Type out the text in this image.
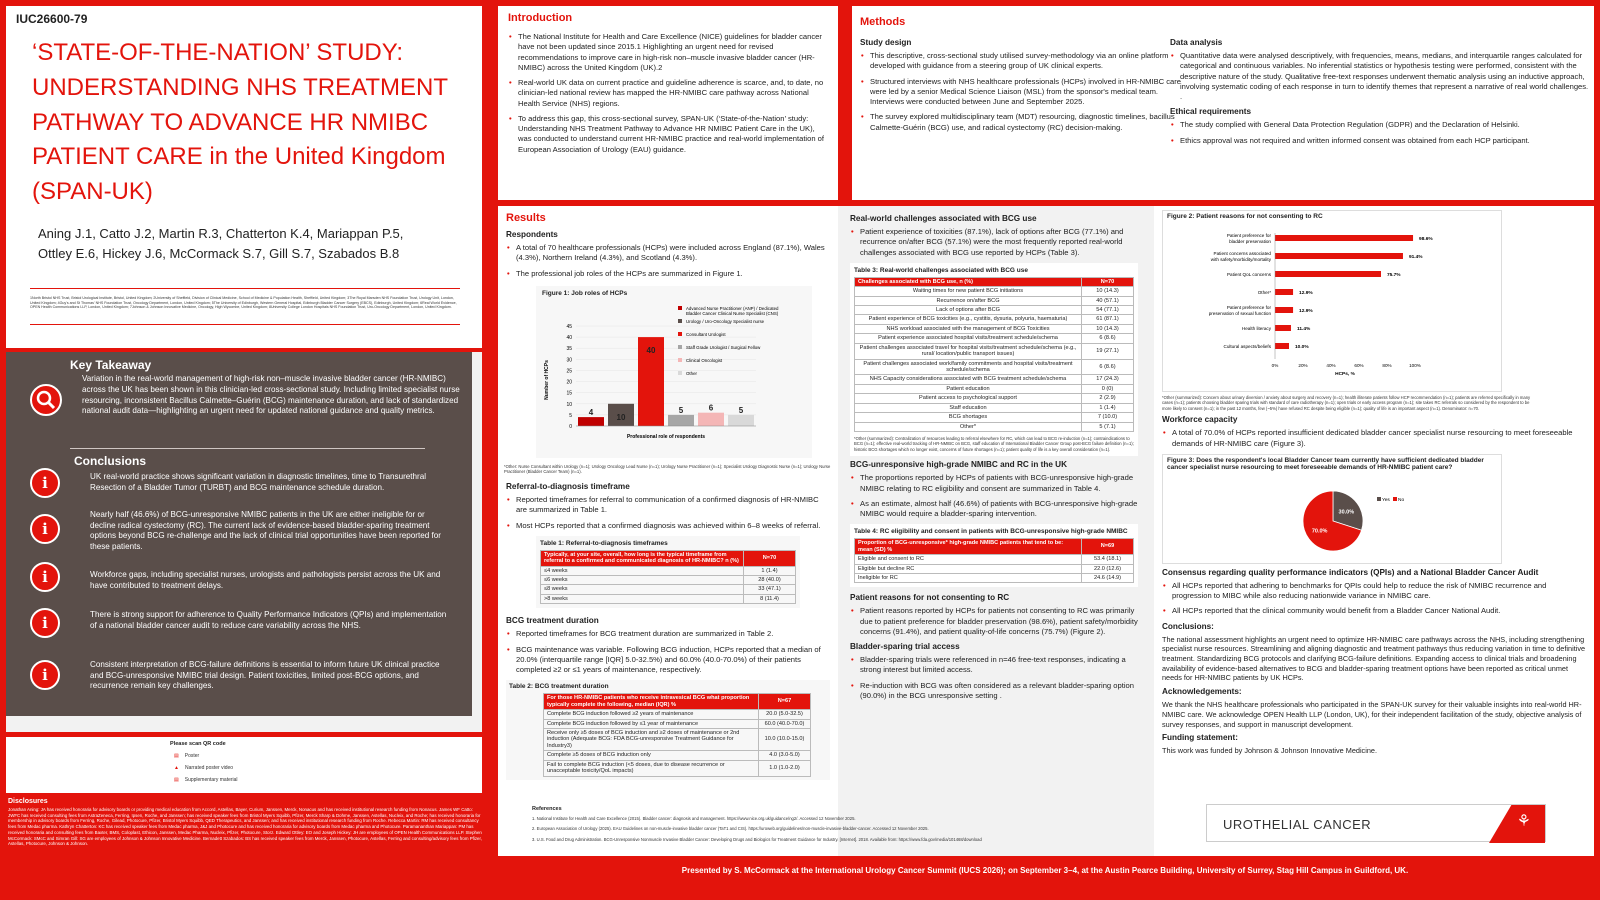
IUC26600-79
‘STATE-OF-THE-NATION’ STUDY: UNDERSTANDING NHS TREATMENT PATHWAY TO ADVANCE HR NMIBC PATIENT CARE in the United Kingdom (SPAN-UK)
Aning J.1, Catto J.2, Martin R.3, Chatterton K.4, Mariappan P.5,
Ottley E.6, Hickey J.6, McCormack S.7, Gill S.7, Szabados B.8
1North Bristol NHS Trust, Bristol Urological Institute, Bristol, United Kingdom; 2University of Sheffield, Division of Clinical Medicine, School of Medicine & Population Health, Sheffield, United Kingdom; 3The Royal Marsden NHS Foundation Trust, Urology Unit, London, United Kingdom; 4Guy's and St Thomas' NHS Foundation Trust, Oncology Department, London, United Kingdom; 5The University of Edinburgh, Western General Hospital, Edinburgh Bladder Cancer Surgery (EBCS), Edinburgh, United Kingdom; 6Real World Evidence, OPEN Health Communications LLP, London, United Kingdom; 7Johnson & Johnson Innovative Medicine, Oncology, High Wycombe, United Kingdom; 8University College London Hospitals NHS Foundation Trust, Uro-Oncology Department, London, United Kingdom.
Key Takeaway
Variation in the real-world management of high-risk non–muscle invasive bladder cancer (HR-NMIBC) across the UK has been shown in this clinician-led cross-sectional study. Including limited specialist nurse resourcing, inconsistent Bacillus Calmette–Guérin (BCG) maintenance duration, and lack of standardized national audit data—highlighting an urgent need for updated national guidance and quality metrics.
Conclusions
i	UK real-world practice shows significant variation in diagnostic timelines, time to Transurethral Resection of a Bladder Tumor (TURBT) and BCG maintenance schedule duration.
i
Nearly half (46.6%) of BCG-unresponsive NMIBC patients in the UK are either ineligible for or decline radical cystectomy (RC). The current lack of evidence-based bladder-sparing treatment options beyond BCG re-challenge and the lack of clinical trial opportunities have been reported for these patients.
i	Workforce gaps, including specialist nurses, urologists and pathologists persist across the UK and have contributed to treatment delays.
i	There is strong support for adherence to Quality Performance Indicators (QPIs) and implementation of a national bladder cancer audit to reduce care variability across the NHS.
i
Consistent interpretation of BCG-failure definitions is essential to inform future UK clinical practice and BCG-unresponsive NMIBC trial design. Patient toxicities, limited post-BCG options, and recurrence remain key challenges.
Please scan QR code
▤ Poster
▲ Narrated poster video
▤ Supplementary material
Disclosures
Jonathan Aning: JA has received honoraria for advisory boards or providing medical education from Accord, Astellas, Bayer, Curium, Janssen, Merck, Nonacus and has received institutional research funding from Nonacus. James WF Catto: JWFC has received consulting fees from AstraZeneca, Ferring, Ipsen, Roche, and Janssen; has received speaker fees from Bristol Myers Squibb, Pfizer, Merck Sharp & Dohme, Janssen, Astellas, Nucleix, and Roche; has received honoraria for membership in advisory boards from Ferring, Roche, Gilead, Photocure, Pfizer, Bristol Myers Squibb, QED Therapeutics, and Janssen; and has received institutional research funding from Roche. Rebecca Martin: RM has received consultancy fees from Medac pharma. Kathryn Chatterton: KC has received speaker fees from Medac pharma, J&J and Photocure and has received honoraria for advisory boards from Medac pharma and Photocure. Paramananthan Mariappan: PM has received honoraria and consulting fees from Baxter, BMS, Coloplast, Ethicon, Janssen, Medac Pharma, Nucleix, Pfizer, Photocure, Storz. Edward Ottley: EO and Joseph Hickey: JH are employees of OPEN Health Communications LLP. Stephen McCormack: SMcC and Simran Gill: SG are employees of Johnson & Johnson Innovative Medicine. Bernadett Szabados: BS has received speaker fees from Merck, Janssen, Photocure, Astellas, Ferring and consulting/advisory fees from Pfizer, Astellas, Photocure, Johnson & Johnson.
Introduction
• The National Institute for Health and Care Excellence (NICE) guidelines for bladder cancer have not been updated since 2015.1 Highlighting an urgent need for revised recommendations to improve care in high-risk non–muscle invasive bladder cancer (HR-NMIBC) across the United Kingdom (UK).2
• Real-world UK data on current practice and guideline adherence is scarce, and, to date, no clinician-led national review has mapped the HR-NMIBC care pathway across National Health Service (NHS) regions.
• To address this gap, this cross-sectional survey, SPAN-UK (‘State-of-the-Nation’ study: Understanding NHS Treatment Pathway to Advance HR NMIBC Patient Care in the UK), was conducted to understand current HR-NMIBC practice and real-world implementation of European Association of Urology (EAU) guidance.
Methods
Study design
• This descriptive, cross-sectional study utilised survey-methodology via an online platform developed with guidance from a steering group of UK clinical experts.
• Structured interviews with NHS healthcare professionals (HCPs) involved in HR-NMIBC care were led by a senior Medical Science Liaison (MSL) from the sponsor's medical team. Interviews were conducted between June and September 2025.
• The survey explored multidisciplinary team (MDT) resourcing, diagnostic timelines, bacillus Calmette-Guérin (BCG) use, and radical cystectomy (RC) decision-making.
Data analysis
• Quantitative data were analysed descriptively, with frequencies, means, medians, and interquartile ranges calculated for categorical and continuous variables. No inferential statistics or hypothesis testing were performed, consistent with the descriptive nature of the study. Qualitative free-text responses underwent thematic analysis using an inductive approach, involving systematic coding of each response in turn to identify themes that represent a narrative of real world challenges. .
Ethical requirements
• The study complied with General Data Protection Regulation (GDPR) and the Declaration of Helsinki.
• Ethics approval was not required and written informed consent was obtained from each HCP participant.
Results
Respondents
• A total of 70 healthcare professionals (HCPs) were included across England (87.1%), Wales (4.3%), Northern Ireland (4.3%), and Scotland (4.3%).
• The professional job roles of the HCPs are summarized in Figure 1.
Figure 1: Job roles of HCPs
Number of HCPs
0
5
10
15
20
25
30
35
40
45
4
10
40
5	6	5
Professional role of respondents
Advanced Nurse Practitioner (ANP) / Dedicated
Bladder Cancer Clinical Nurse Specialist (CNS)
Urology / Uro-Oncology Specialist nurse
Consultant Urologist
Staff Grade Urologist / Surgical Fellow
Clinical Oncologist
Other
*Other: Nurse Consultant within Urology (n=1); Urology Oncology Lead Nurse (n=1); Urology Nurse Practitioner (n=1); Specialist Urology Diagnostic Nurse (n=1); Urology Nurse Practitioner (Bladder Cancer Team) (n=1).
Referral-to-diagnosis timeframe
• Reported timeframes for referral to communication of a confirmed diagnosis of HR-NMIBC are summarized in Table 1.
• Most HCPs reported that a confirmed diagnosis was achieved within 6–8 weeks of referral.
Table 1: Referral-to-diagnosis timeframes
Typically, at your site, overall, how long is the typical timeframe from referral to a confirmed and communicated diagnosis of HR-NMIBC? n (%)	N=70
≤4 weeks	1 (1.4)
≤6 weeks	28 (40.0)
≤8 weeks	33 (47.1)
>8 weeks	8 (11.4)
BCG treatment duration
• Reported timeframes for BCG treatment duration are summarized in Table 2.
• BCG maintenance was variable. Following BCG induction, HCPs reported that a median of 20.0% (interquartile range [IQR] 5.0-32.5%) and 60.0% (40.0-70.0%) of their patients completed ≥2 or ≤1 years of maintenance, respectively.
Table 2: BCG treatment duration
For those HR-NMIBC patients who receive intravesical BCG what proportion typically complete the following, median (IQR) %	N=67
Complete BCG induction followed ≥2 years of maintenance	20.0 (5.0-32.5)
Complete BCG induction followed by ≤1 year of maintenance	60.0 (40.0-70.0)
Receive only ≥5 doses of BCG induction and ≥2 doses of maintenance or 2nd induction (Adequate BCG: FDA BCG-unresponsive Treatment Guidance for Industry3)	10.0 (10.0-15.0)
Complete ≥5 doses of BCG induction only	4.0 (3.0-5.0)
Fail to complete BCG induction (<5 doses, due to disease recurrence or unacceptable toxicity/QoL impacts)	1.0 (1.0-2.0)
References
1. National Institute for Health and Care Excellence (2015). Bladder cancer: diagnosis and management. https://www.nice.org.uk/guidance/ng2/. Accessed 12 November 2025.
2. European Association of Urology (2025). EAU Guidelines on non-muscle-invasive bladder cancer (TaT1 and CIS). https://uroweb.org/guidelines/non-muscle-invasive-bladder-cancer. Accessed 12 November 2025.
3. U.S. Food and Drug Administration. BCG-Unresponsive Nonmuscle Invasive Bladder Cancer: Developing Drugs and Biologics for Treatment Guidance for Industry. [Internet]. 2018. Available from: https://www.fda.gov/media/101468/download
Real-world challenges associated with BCG use
• Patient experience of toxicities (87.1%), lack of options after BCG (77.1%) and recurrence on/after BCG (57.1%) were the most frequently reported real-world challenges associated with BCG use reported by HCPs (Table 3).
Table 3: Real-world challenges associated with BCG use
Challenges associated with BCG use, n (%)	N=70
Waiting times for new patient BCG initiations	10 (14.3)
Recurrence on/after BCG	40 (57.1)
Lack of options after BCG	54 (77.1)
Patient experience of BCG toxicities (e.g., cystitis, dysuria, polyuria, haematuria)	61 (87.1)
NHS workload associated with the management of BCG Toxicities	10 (14.3)
Patient experience associated hospital visits/treatment schedule/schema	6 (8.6)
Patient challenges associated travel for hospital visits/treatment schedule/schema (e.g., rural/ location/public transport issues)	19 (27.1)
Patient challenges associated work/family commitments and hospital visits/treatment schedule/schema	6 (8.6)
NHS Capacity considerations associated with BCG treatment schedule/schema	17 (24.3)
Patient education	0 (0)
Patient access to psychological support	2 (2.9)
Staff education	1 (1.4)
BCG shortages	7 (10.0)
Other*	5 (7.1)
*Other (summarized): Centralization of resources leading to referral elsewhere for RC, which can lead to BCG re-induction (n=1); contraindications to BCG (n=1); effective real-world tracking of HR-NMIBC on BCG, staff education of International Bladder Cancer Group post-BCG failure definition (n=1); historic BCG shortages which no longer exist, concerns of future shortages (n=1); patient quality of life is a key overall consideration (n=1).
BCG-unresponsive high-grade NMIBC and RC in the UK
• The proportions reported by HCPs of patients with BCG-unresponsive high-grade NMIBC relating to RC eligibility and consent are summarized in Table 4.
• As an estimate, almost half (46.6%) of patients with BCG-unresponsive high-grade NMIBC would require a bladder-sparing intervention.
Table 4: RC eligibility and consent in patients with BCG-unresponsive high-grade NMIBC
Proportion of BCG-unresponsive* high-grade NMIBC patients that tend to be: mean (SD) %	N=69
Eligible and consent to RC	53.4 (18.1)
Eligible but decline RC	22.0 (12.6)
Ineligible for RC	24.6 (14.9)
Patient reasons for not consenting to RC
• Patient reasons reported by HCPs for patients not consenting to RC was primarily due to patient preference for bladder preservation (98.6%), patient safety/morbidity concerns (91.4%), and patient quality-of-life concerns (75.7%) (Figure 2).
Bladder-sparing trial access
• Bladder-sparing trials were referenced in n=46 free-text responses, indicating a strong interest but limited access.
• Re-induction with BCG was often considered as a relevant bladder-sparing option (90.0%) in the BCG unresponsive setting .
Figure 2: Patient reasons for not consenting to RC
Patient preference for
bladder preservation	98.6%
Patient concerns associated
with safety/morbidity/mortality	91.4%
Patient QoL concerns	75.7%
Other*	12.9%
Patient preference for
preservation of sexual function	12.9%
Health literacy	11.4%
Cultural aspects/beliefs	10.0%
0%	20%	40%	60%	80%	100%
HCPs, %
*Other (summarized): Concern about urinary diversion / anxiety about surgery and recovery (n=1); health illiterate patients follow HCP recommendation (n=1); patients are referred specifically in many cases (n=1); patients choosing bladder sparing trials with standard of care radiotherapy (n=1); open trials or early access program (n=1); site takes RC referrals so considered by the respondent to be more likely to consent (n=1); in the past 12 months, few (~5%) have refused RC despite being eligible (n=1); quality of life is an important aspect (n=1). Denominator: n=70.
Workforce capacity
• A total of 70.0% of HCPs reported insufficient dedicated bladder cancer specialist nurse resourcing to meet foreseeable demands of HR-NMIBC care (Figure 3).
Figure 3: Does the respondent's local Bladder Cancer team currently have sufficient dedicated bladder cancer specialist nurse resourcing to meet foreseeable demands of HR-NMIBC patient care?
30.0%
70.0%
Yes No
Consensus regarding quality performance indicators (QPIs) and a National Bladder Cancer Audit
• All HCPs reported that adhering to benchmarks for QPIs could help to reduce the risk of NMIBC recurrence and progression to MIBC while also reducing nationwide variance in NMIBC care.
• All HCPs reported that the clinical community would benefit from a Bladder Cancer National Audit.
Conclusions:
The national assessment highlights an urgent need to optimize HR-NMIBC care pathways across the NHS, including strengthening specialist nurse resources. Streamlining and aligning diagnostic and treatment pathways thus reducing variation in time to definitive treatment. Standardizing BCG protocols and clarifying BCG-failure definitions. Expanding access to clinical trials and broadening availability of evidence-based alternatives to BCG and bladder-sparing treatment options have been reported as critical unmet needs for HR-NMIBC patients by UK HCPs.
Acknowledgements:
We thank the NHS healthcare professionals who participated in the SPAN-UK survey for their valuable insights into real-world HR-NMIBC care. We acknowledge OPEN Health LLP (London, UK), for their independent facilitation of the study, objective analysis of survey responses, and support in manuscript development.
Funding statement:
This work was funded by Johnson & Johnson Innovative Medicine.
UROTHELIAL CANCER	⚘
Presented by S. McCormack at the International Urology Cancer Summit (IUCS 2026); on September 3–4, at the Austin Pearce Building, University of Surrey, Stag Hill Campus in Guildford, UK.
